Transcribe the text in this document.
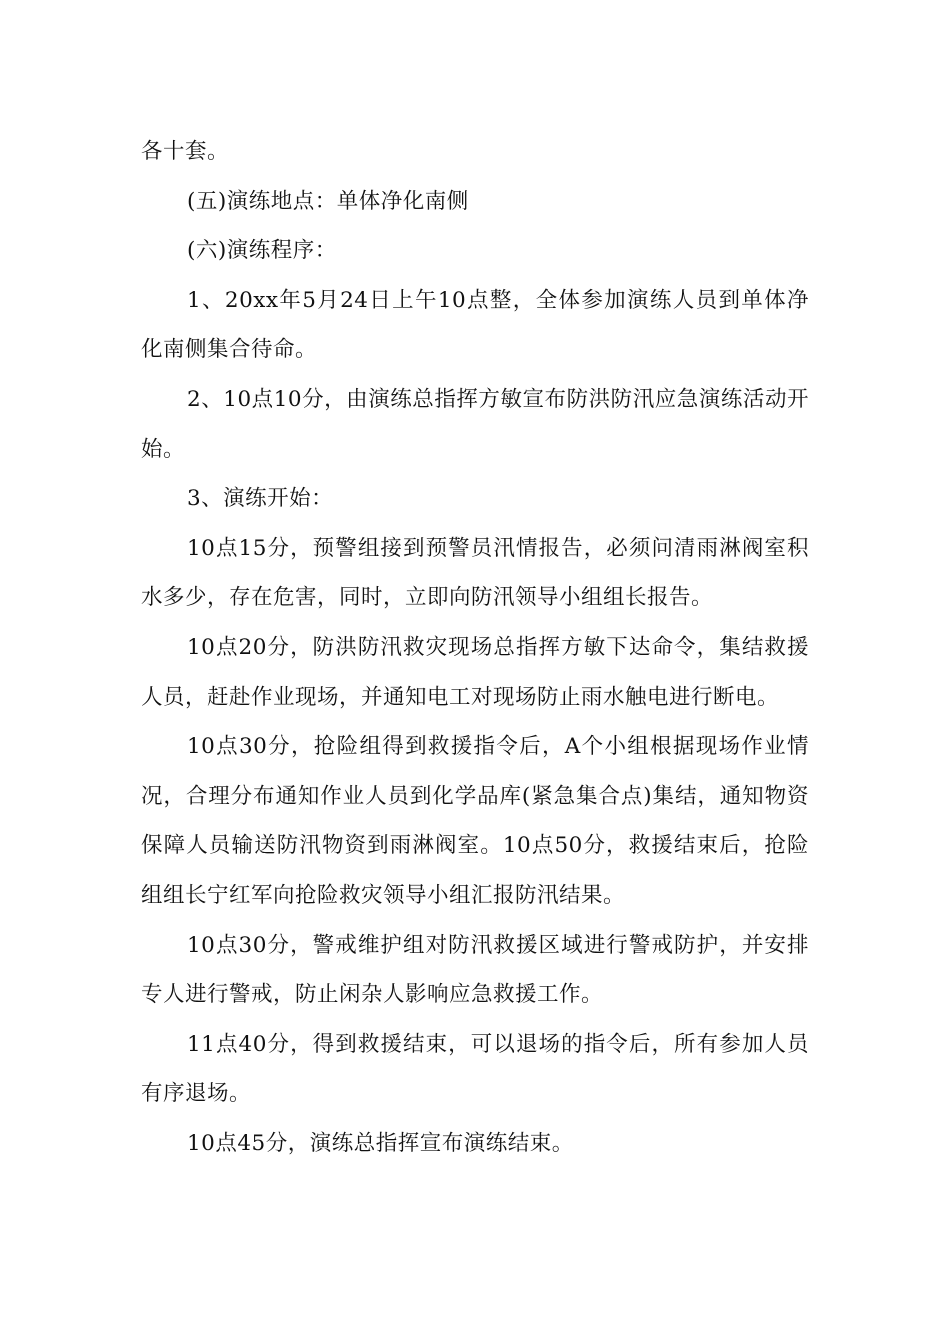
各十套。

(五)演练地点：单体净化南侧

(六)演练程序：

1、20xx年5月24日上午10点整，全体参加演练人员到单体净化南侧集合待命。

2、10点10分，由演练总指挥方敏宣布防洪防汛应急演练活动开始。

3、演练开始：

10点15分，预警组接到预警员汛情报告，必须问清雨淋阀室积水多少，存在危害，同时，立即向防汛领导小组组长报告。

10点20分，防洪防汛救灾现场总指挥方敏下达命令，集结救援人员，赶赴作业现场，并通知电工对现场防止雨水触电进行断电。

10点30分，抢险组得到救援指令后，A个小组根据现场作业情况，合理分布通知作业人员到化学品库(紧急集合点)集结，通知物资保障人员输送防汛物资到雨淋阀室。10点50分，救援结束后，抢险组组长宁红军向抢险救灾领导小组汇报防汛结果。

10点30分，警戒维护组对防汛救援区域进行警戒防护，并安排专人进行警戒，防止闲杂人影响应急救援工作。

11点40分，得到救援结束，可以退场的指令后，所有参加人员有序退场。

10点45分，演练总指挥宣布演练结束。
